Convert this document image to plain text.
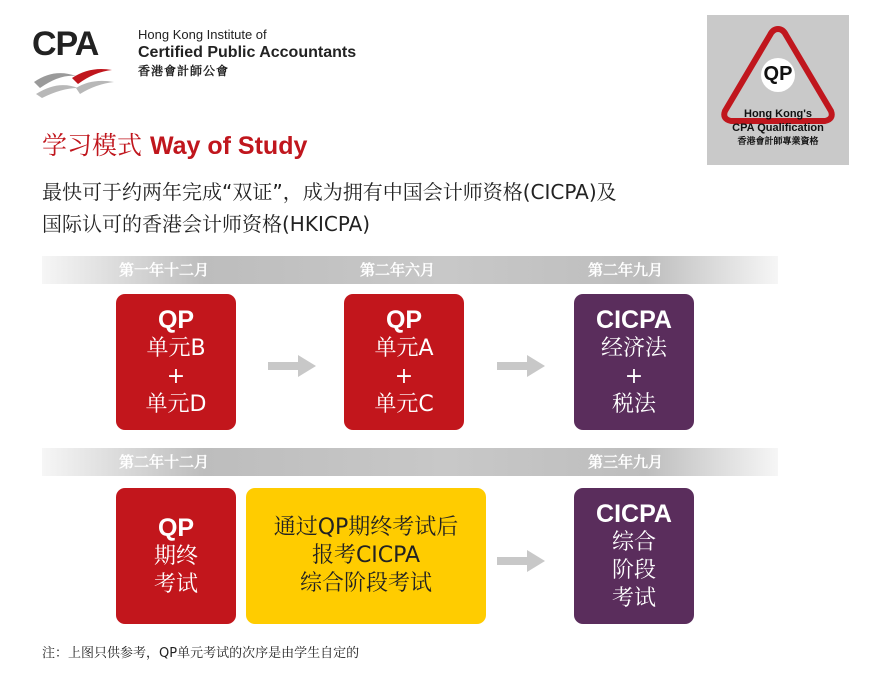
CPA	Hong Kong Institute of
Certified Public Accountants
香港會計師公會	QP
Hong Kong's
CPA Qualification
香港會計師專業資格
学习模式 Way of Study
最快可于约两年完成“双证”，成为拥有中国会计师资格(CICPA)及
国际认可的香港会计师资格(HKICPA)
第一年十二月	第二年六月	第二年九月
QP
单元B
+
单元D
QP
单元A
+
单元C
CICPA
经济法
+
税法
第二年十二月	第三年九月
QP
期终
考试
通过QP期终考试后
报考CICPA
综合阶段考试
CICPA
综合
阶段
考试
注：上图只供参考，QP单元考试的次序是由学生自定的
